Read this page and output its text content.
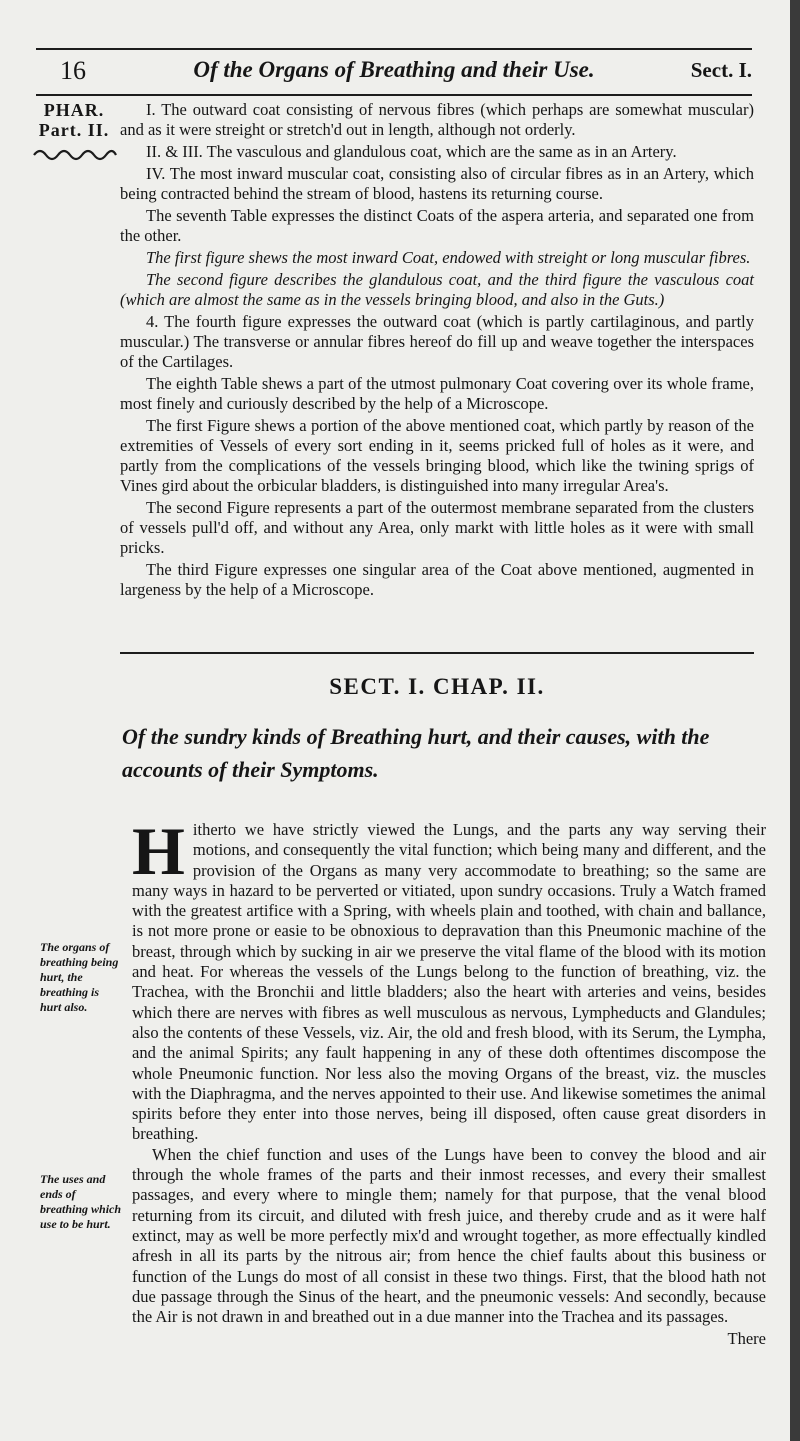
16	Of the Organs of Breathing and their Use.	Sect. I.
PHAR.
Part. II.

I. The outward coat consisting of nervous fibres (which perhaps are somewhat muscular) and as it were streight or stretch'd out in length, although not orderly.

II. & III. The vasculous and glandulous coat, which are the same as in an Artery.

IV. The most inward muscular coat, consisting also of circular fibres as in an Artery, which being contracted behind the stream of blood, hastens its returning course.

The seventh Table expresses the distinct Coats of the aspera arteria, and separated one from the other.

The first figure shews the most inward Coat, endowed with streight or long muscular fibres.

The second figure describes the glandulous coat, and the third figure the vasculous coat (which are almost the same as in the vessels bringing blood, and also in the Guts.)

4. The fourth figure expresses the outward coat (which is partly cartilaginous, and partly muscular.) The transverse or annular fibres hereof do fill up and weave together the interspaces of the Cartilages.

The eighth Table shews a part of the utmost pulmonary Coat covering over its whole frame, most finely and curiously described by the help of a Microscope.

The first Figure shews a portion of the above mentioned coat, which partly by reason of the extremities of Vessels of every sort ending in it, seems pricked full of holes as it were, and partly from the complications of the vessels bringing blood, which like the twining sprigs of Vines gird about the orbicular bladders, is distinguished into many irregular Area's.

The second Figure represents a part of the outermost membrane separated from the clusters of vessels pull'd off, and without any Area, only markt with little holes as it were with small pricks.

The third Figure expresses one singular area of the Coat above mentioned, augmented in largeness by the help of a Microscope.

SECT. I. CHAP. II.
Of the sundry kinds of Breathing hurt, and their causes, with the accounts of their Symptoms.
The organs of breathing being hurt, the breathing is hurt also.
The uses and ends of breathing which use to be hurt.

Hitherto we have strictly viewed the Lungs, and the parts any way serving their motions, and consequently the vital function; which being many and different, and the provision of the Organs as many very accommodate to breathing; so the same are many ways in hazard to be perverted or vitiated, upon sundry occasions. Truly a Watch framed with the greatest artifice with a Spring, with wheels plain and toothed, with chain and ballance, is not more prone or easie to be obnoxious to depravation than this Pneumonic machine of the breast, through which by sucking in air we preserve the vital flame of the blood with its motion and heat. For whereas the vessels of the Lungs belong to the function of breathing, viz. the Trachea, with the Bronchii and little bladders; also the heart with arteries and veins, besides which there are nerves with fibres as well musculous as nervous, Lympheducts and Glandules; also the contents of these Vessels, viz. Air, the old and fresh blood, with its Serum, the Lympha, and the animal Spirits; any fault happening in any of these doth oftentimes discompose the whole Pneumonic function. Nor less also the moving Organs of the breast, viz. the muscles with the Diaphragma, and the nerves appointed to their use. And likewise sometimes the animal spirits before they enter into those nerves, being ill disposed, often cause great disorders in breathing.

When the chief function and uses of the Lungs have been to convey the blood and air through the whole frames of the parts and their inmost recesses, and every their smallest passages, and every where to mingle them; namely for that purpose, that the venal blood returning from its circuit, and diluted with fresh juice, and thereby crude and as it were half extinct, may as well be more perfectly mix'd and wrought together, as more effectually kindled afresh in all its parts by the nitrous air; from hence the chief faults about this business or function of the Lungs do most of all consist in these two things. First, that the blood hath not due passage through the Sinus of the heart, and the pneumonic vessels: And secondly, because the Air is not drawn in and breathed out in a due manner into the Trachea and its passages.

There
